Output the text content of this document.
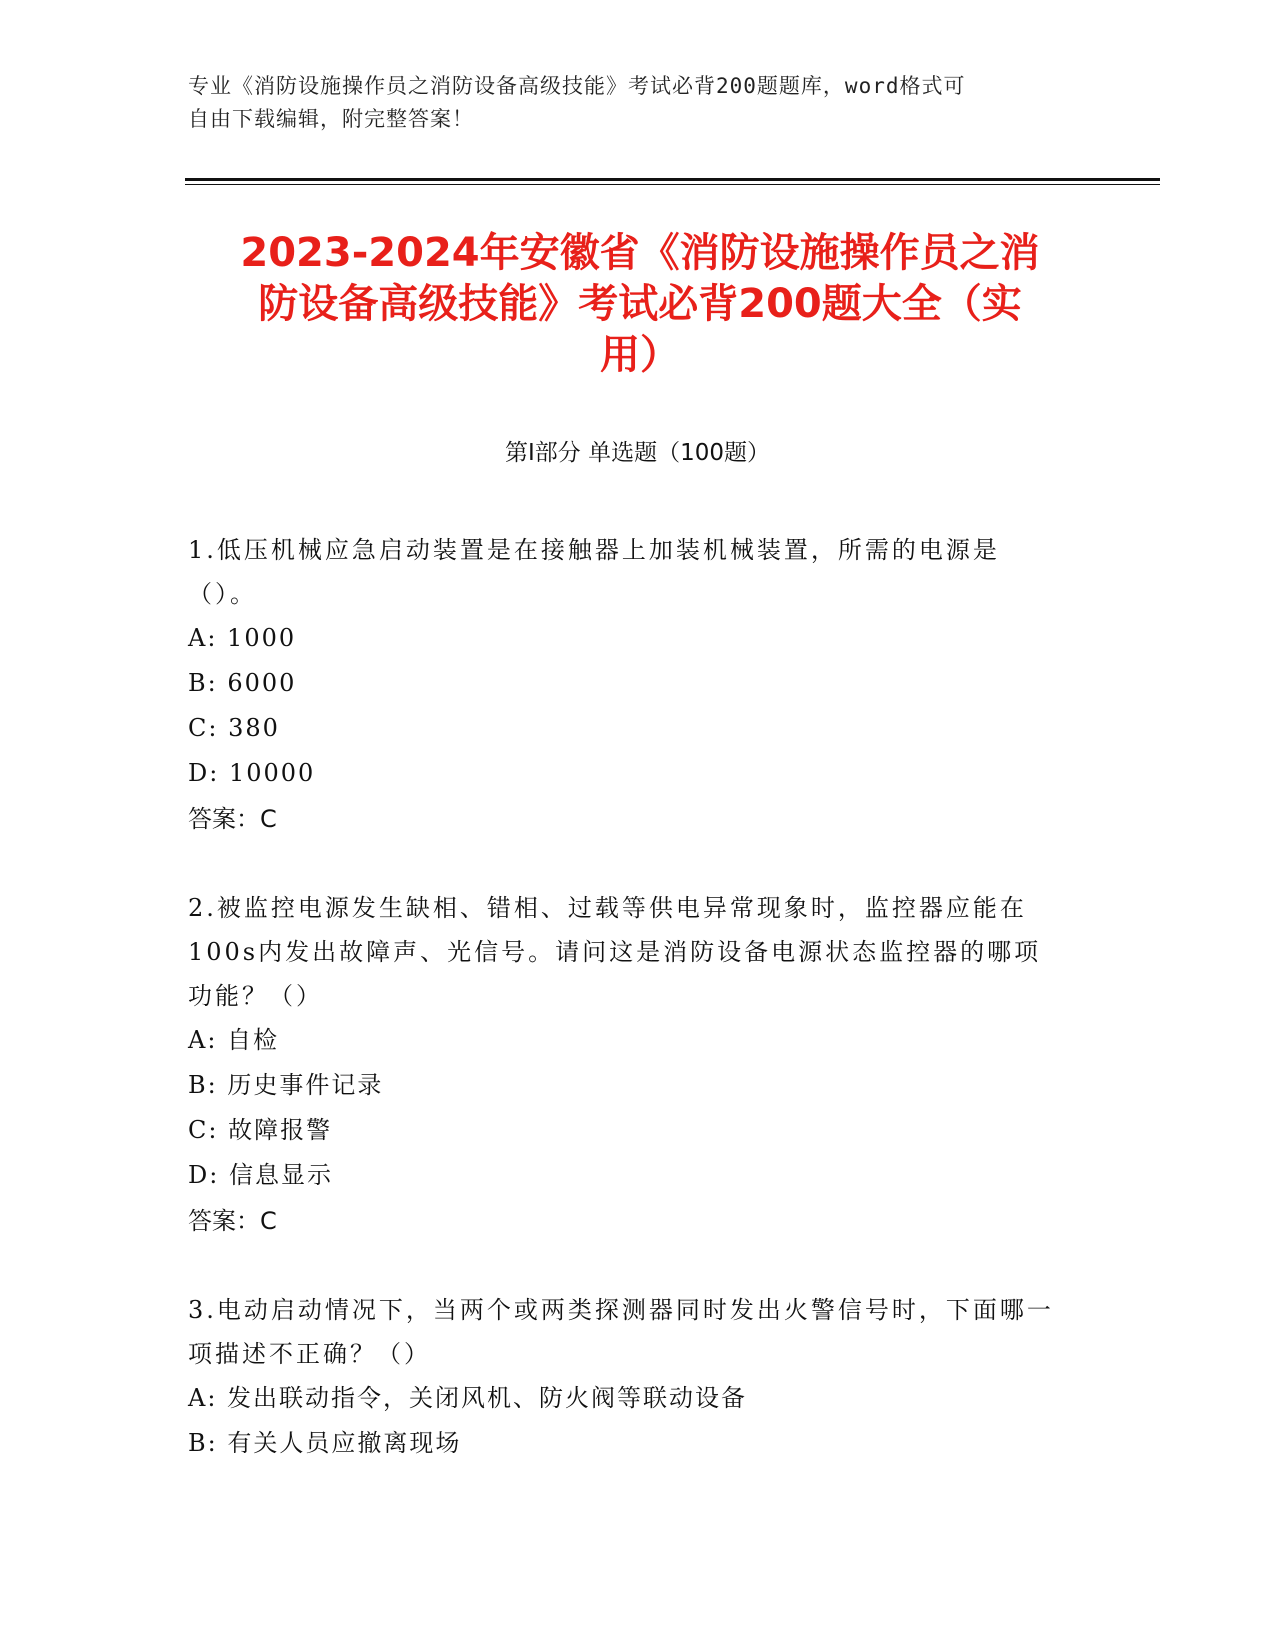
专业《消防设施操作员之消防设备高级技能》考试必背200题题库，word格式可
自由下载编辑，附完整答案！
2023-2024年安徽省《消防设施操作员之消
防设备高级技能》考试必背200题大全（实
用）
第Ⅰ部分 单选题（100题）
1.低压机械应急启动装置是在接触器上加装机械装置，所需的电源是（）。
A: 1000
B: 6000
C: 380
D: 10000
答案：C
2.被监控电源发生缺相、错相、过载等供电异常现象时，监控器应能在100s内发出故障声、光信号。请问这是消防设备电源状态监控器的哪项功能？（）
A: 自检
B: 历史事件记录
C: 故障报警
D: 信息显示
答案：C
3.电动启动情况下，当两个或两类探测器同时发出火警信号时，下面哪一项描述不正确？（）
A: 发出联动指令，关闭风机、防火阀等联动设备
B: 有关人员应撤离现场
